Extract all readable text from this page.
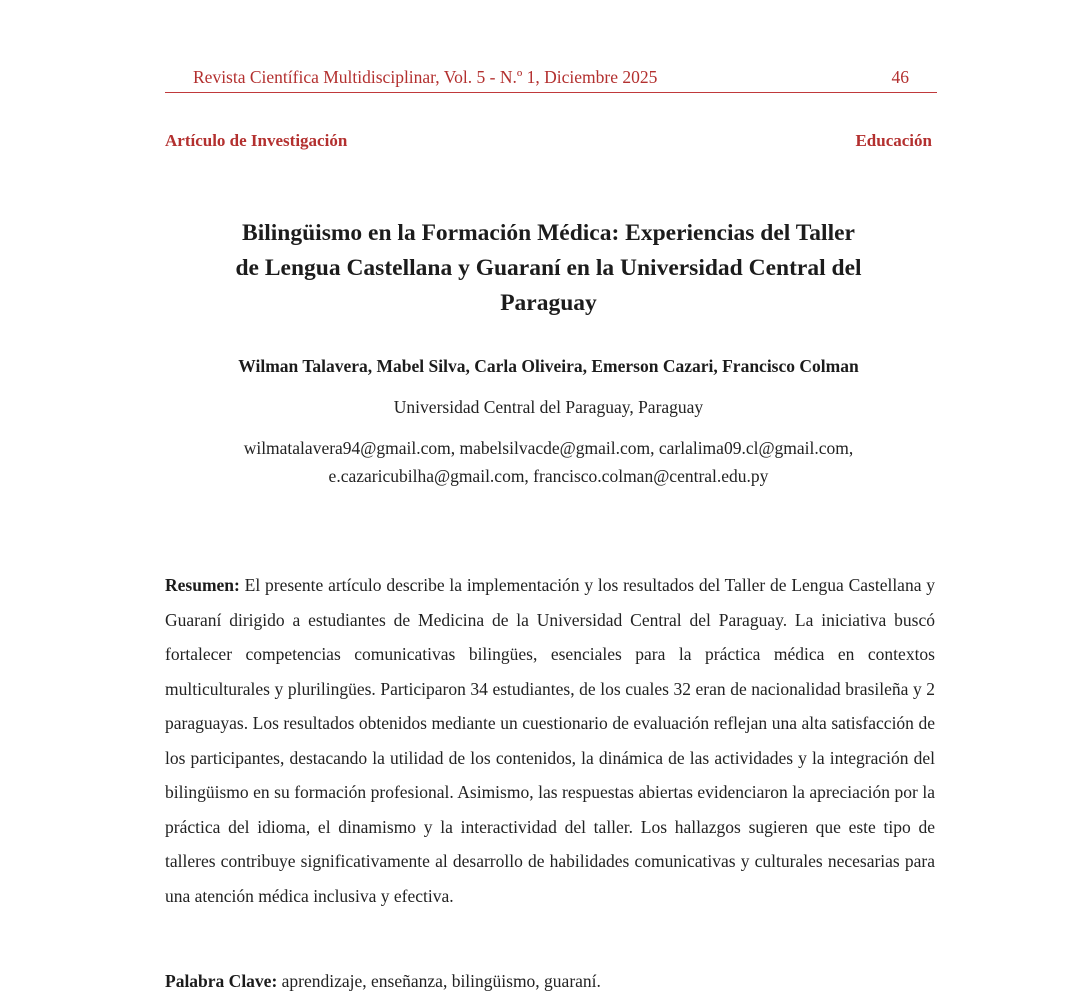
Revista Científica Multidisciplinar, Vol. 5 - N.º 1, Diciembre 2025	46
Artículo de Investigación	Educación
Bilingüismo en la Formación Médica: Experiencias del Taller
de Lengua Castellana y Guaraní en la Universidad Central del
Paraguay
Wilman Talavera, Mabel Silva, Carla Oliveira, Emerson Cazari, Francisco Colman
Universidad Central del Paraguay, Paraguay
wilmatalavera94@gmail.com, mabelsilvacde@gmail.com, carlalima09.cl@gmail.com,
e.cazaricubilha@gmail.com, francisco.colman@central.edu.py

Resumen: El presente artículo describe la implementación y los resultados del Taller de Lengua Castellana y Guaraní dirigido a estudiantes de Medicina de la Universidad Central del Paraguay. La iniciativa buscó fortalecer competencias comunicativas bilingües, esenciales para la práctica médica en contextos multiculturales y plurilingües. Participaron 34 estudiantes, de los cuales 32 eran de nacionalidad brasileña y 2 paraguayas. Los resultados obtenidos mediante un cuestionario de evaluación reflejan una alta satisfacción de los participantes, destacando la utilidad de los contenidos, la dinámica de las actividades y la integración del bilingüismo en su formación profesional. Asimismo, las respuestas abiertas evidenciaron la apreciación por la práctica del idioma, el dinamismo y la interactividad del taller. Los hallazgos sugieren que este tipo de talleres contribuye significativamente al desarrollo de habilidades comunicativas y culturales necesarias para una atención médica inclusiva y efectiva.

Palabra Clave: aprendizaje, enseñanza, bilingüismo, guaraní.
